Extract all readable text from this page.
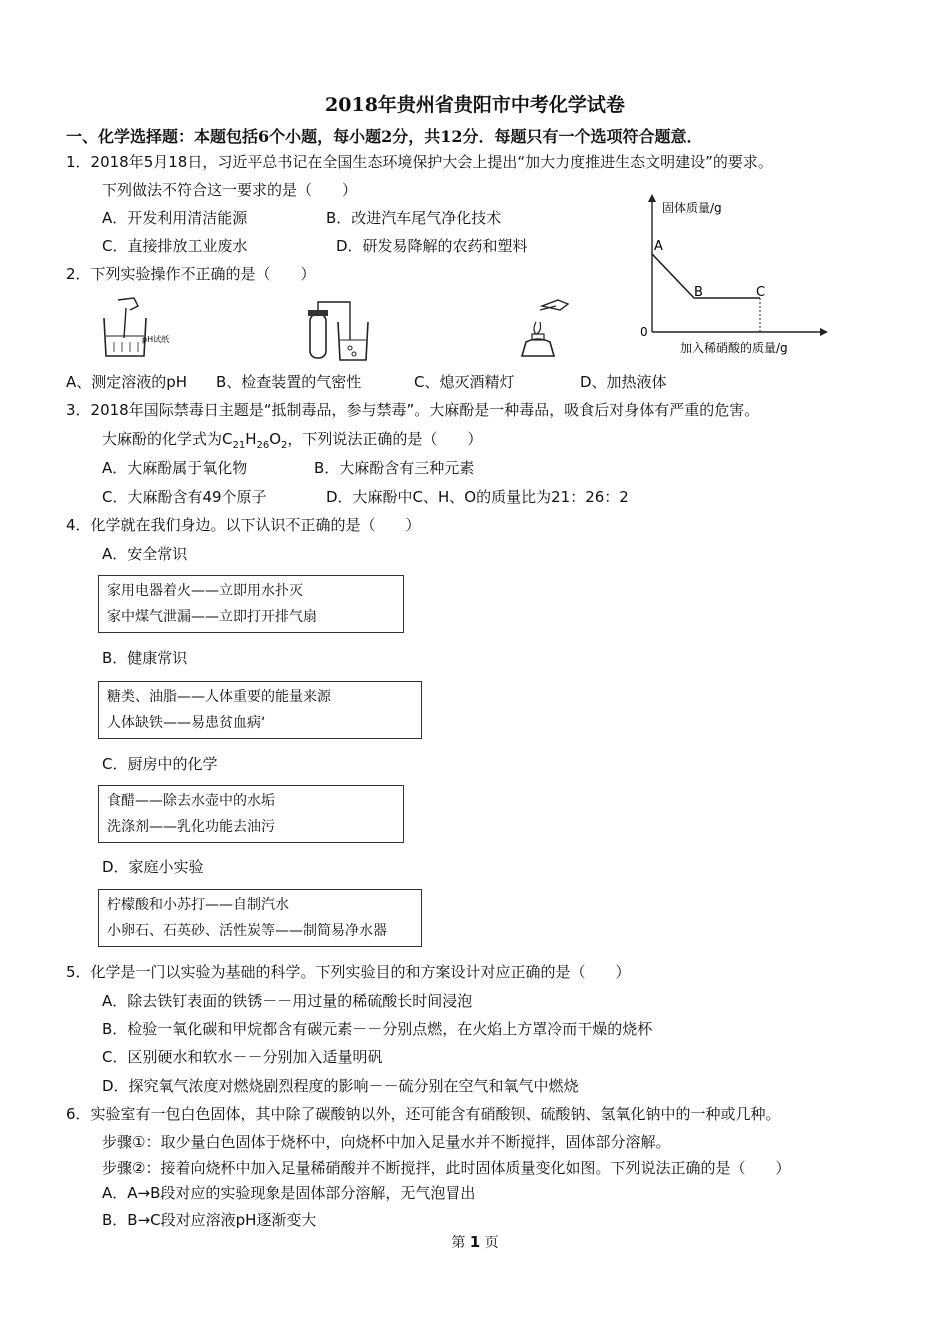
2018年贵州省贵阳市中考化学试卷
一、化学选择题：本题包括6个小题，每小题2分，共12分．每题只有一个选项符合题意．
1．2018年5月18日，习近平总书记在全国生态环境保护大会上提出“加大力度推进生态文明建设”的要求。
下列做法不符合这一要求的是（　　）
A．开发利用清洁能源	B．改进汽车尾气净化技术
C．直接排放工业废水	D．研发易降解的农药和塑料
2．下列实验操作不正确的是（　　）
pH试纸
固体质量/g
加入稀硝酸的质量/g
0
A
B	C
A、测定溶液的pH B、检查装置的气密性	C、熄灭酒精灯	D、加热液体
3．2018年国际禁毒日主题是“抵制毒品，参与禁毒”。大麻酚是一种毒品，吸食后对身体有严重的危害。
大麻酚的化学式为$C_{21}H_{26}O_2$，下列说法正确的是（　　）
A．大麻酚属于氧化物	B．大麻酚含有三种元素
C．大麻酚含有49个原子	D．大麻酚中C、H、O的质量比为21：26：2
4．化学就在我们身边。以下认识不正确的是（　　）
A．安全常识
家用电器着火——立即用水扑灭
家中煤气泄漏——立即打开排气扇
B．健康常识
糖类、油脂——人体重要的能量来源
人体缺铁——易患贫血病‘
C．厨房中的化学
食醋——除去水壶中的水垢
洗涤剂——乳化功能去油污
D．家庭小实验
柠檬酸和小苏打——自制汽水
小卵石、石英砂、活性炭等——制简易净水器
5．化学是一门以实验为基础的科学。下列实验目的和方案设计对应正确的是（　　）
A．除去铁钉表面的铁锈－－用过量的稀硫酸长时间浸泡
B．检验一氧化碳和甲烷都含有碳元素－－分别点燃，在火焰上方罩冷而干燥的烧杯
C．区别硬水和软水－－分别加入适量明矾
D．探究氧气浓度对燃烧剧烈程度的影响－－硫分别在空气和氧气中燃烧
6．实验室有一包白色固体，其中除了碳酸钠以外，还可能含有硝酸钡、硫酸钠、氢氧化钠中的一种或几种。
步骤①：取少量白色固体于烧杯中，向烧杯中加入足量水并不断搅拌，固体部分溶解。
步骤②：接着向烧杯中加入足量稀硝酸并不断搅拌，此时固体质量变化如图。下列说法正确的是（　　）
A．A→B段对应的实验现象是固体部分溶解，无气泡冒出
B．B→C段对应溶液pH逐渐变大
第 1 页
